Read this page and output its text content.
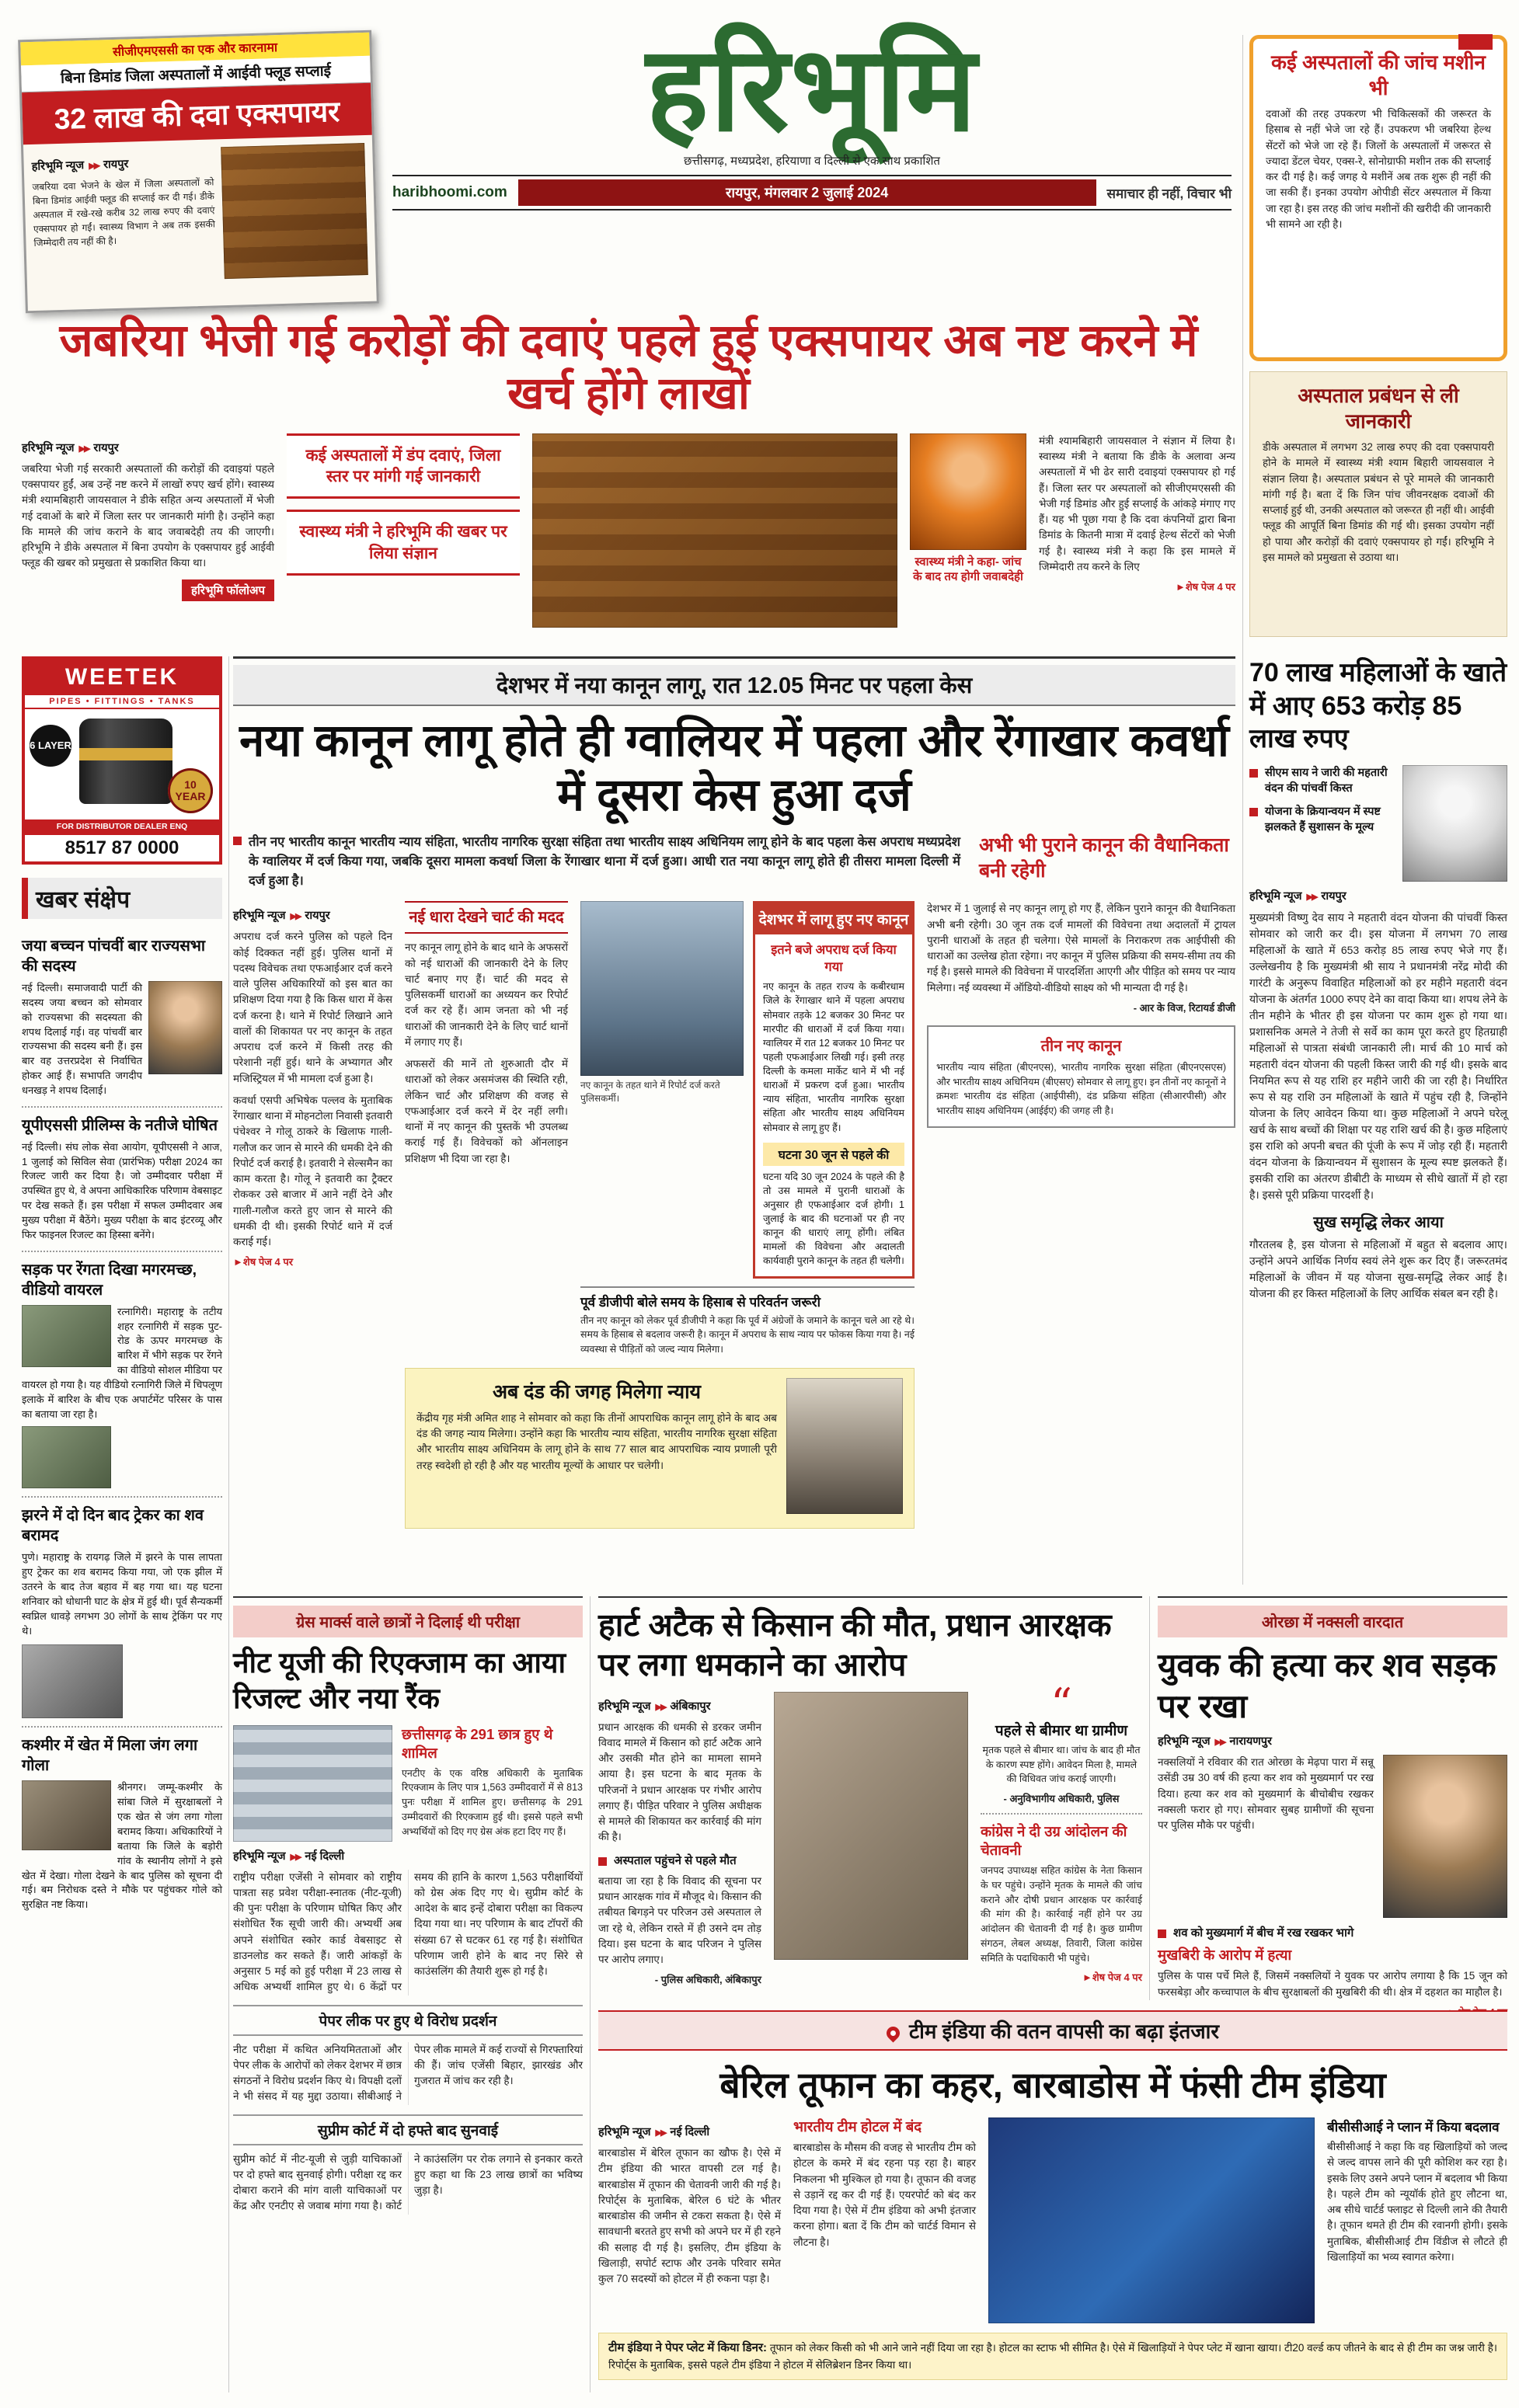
सीजीएमएससी का एक और कारनामा
बिना डिमांड जिला अस्पतालों में आईवी फ्लूड सप्लाई
32 लाख की दवा एक्सपायर
हरिभूमि न्यूज ▶▶ रायपुर

जबरिया दवा भेजने के खेल में जिला अस्पतालों को बिना डिमांड आईवी फ्लूड की सप्लाई कर दी गई। डीके अस्पताल में रखे-रखे करीब 32 लाख रुपए की दवाएं एक्सपायर हो गईं। स्वास्थ्य विभाग ने अब तक इसकी जिम्मेदारी तय नहीं की है।

हरिभूमि
छत्तीसगढ़, मध्यप्रदेश, हरियाणा व दिल्ली से एक साथ प्रकाशित
haribhoomi.com	रायपुर, मंगलवार 2 जुलाई 2024	समाचार ही नहीं, विचार भी
कई अस्पतालों की जांच मशीन भी

दवाओं की तरह उपकरण भी चिकित्सकों की जरूरत के हिसाब से नहीं भेजे जा रहे हैं। उपकरण भी जबरिया हेल्थ सेंटरों को भेजे जा रहे हैं। जिलों के अस्पतालों में जरूरत से ज्यादा डेंटल चेयर, एक्स-रे, सोनोग्राफी मशीन तक की सप्लाई कर दी गई है। कई जगह ये मशीनें अब तक शुरू ही नहीं की जा सकी हैं। इनका उपयोग ओपीडी सेंटर अस्पताल में किया जा रहा है। इस तरह की जांच मशीनों की खरीदी की जानकारी भी सामने आ रही है।

अस्पताल प्रबंधन से ली जानकारी

डीके अस्पताल में लगभग 32 लाख रुपए की दवा एक्सपायरी होने के मामले में स्वास्थ्य मंत्री श्याम बिहारी जायसवाल ने संज्ञान लिया है। अस्पताल प्रबंधन से पूरे मामले की जानकारी मांगी गई है। बता दें कि जिन पांच जीवनरक्षक दवाओं की सप्लाई हुई थी, उनकी अस्पताल को जरूरत ही नहीं थी। आईवी फ्लूड की आपूर्ति बिना डिमांड की गई थी। इसका उपयोग नहीं हो पाया और करोड़ों की दवाएं एक्सपायर हो गईं। हरिभूमि ने इस मामले को प्रमुखता से उठाया था।

जबरिया भेजी गई करोड़ों की दवाएं पहले हुई एक्सपायर अब नष्ट करने में खर्च होंगे लाखों
हरिभूमि न्यूज ▶▶ रायपुर

जबरिया भेजी गई सरकारी अस्पतालों की करोड़ों की दवाइयां पहले एक्सपायर हुईं, अब उन्हें नष्ट करने में लाखों रुपए खर्च होंगे। स्वास्थ्य मंत्री श्यामबिहारी जायसवाल ने डीके सहित अन्य अस्पतालों में भेजी गई दवाओं के बारे में जिला स्तर पर जानकारी मांगी है। उन्होंने कहा कि मामले की जांच कराने के बाद जवाबदेही तय की जाएगी। हरिभूमि ने डीके अस्पताल में बिना उपयोग के एक्सपायर हुई आईवी फ्लूड की खबर को प्रमुखता से प्रकाशित किया था।

हरिभूमि फॉलोअप
कई अस्पतालों में डंप दवाएं, जिला स्तर पर मांगी गई जानकारी
स्वास्थ्य मंत्री ने हरिभूमि की खबर पर लिया संज्ञान	स्वास्थ्य मंत्री ने कहा- जांच के बाद तय होगी जवाबदेही

मंत्री श्यामबिहारी जायसवाल ने संज्ञान में लिया है। स्वास्थ्य मंत्री ने बताया कि डीके के अलावा अन्य अस्पतालों में भी ढेर सारी दवाइयां एक्सपायर हो गई हैं। जिला स्तर पर अस्पतालों को सीजीएमएससी की भेजी गई डिमांड और हुई सप्लाई के आंकड़े मंगाए गए हैं। यह भी पूछा गया है कि दवा कंपनियों द्वारा बिना डिमांड के कितनी मात्रा में दवाई हेल्थ सेंटरों को भेजी गई है। स्वास्थ्य मंत्री ने कहा कि इस मामले में जिम्मेदारी तय करने के लिए

►शेष पेज 4 पर
WEETEK
PIPES • FITTINGS • TANKS
6 LAYER
10 YEAR
FOR DISTRIBUTOR DEALER ENQ
8517 87 0000
देशभर में नया कानून लागू, रात 12.05 मिनट पर पहला केस
नया कानून लागू होते ही ग्वालियर में पहला और रेंगाखार कवर्धा में दूसरा केस हुआ दर्ज
तीन नए भारतीय कानून भारतीय न्याय संहिता, भारतीय नागरिक सुरक्षा संहिता तथा भारतीय साक्ष्य अधिनियम लागू होने के बाद पहला केस अपराध मध्यप्रदेश के ग्वालियर में दर्ज किया गया, जबकि दूसरा मामला कवर्धा जिला के रेंगाखार थाना में दर्ज हुआ। आधी रात नया कानून लागू होते ही तीसरा मामला दिल्ली में दर्ज हुआ है।
अभी भी पुराने कानून की वैधानिकता बनी रहेगी
हरिभूमि न्यूज ▶▶ रायपुर

अपराध दर्ज करने पुलिस को पहले दिन कोई दिक्कत नहीं हुई। पुलिस थानों में पदस्थ विवेचक तथा एफआईआर दर्ज करने वाले पुलिस अधिकारियों को इस बात का प्रशिक्षण दिया गया है कि किस धारा में केस दर्ज करना है। थाने में रिपोर्ट लिखाने आने वालों की शिकायत पर नए कानून के तहत अपराध दर्ज करने में किसी तरह की परेशानी नहीं हुई। थाने के अभ्यागत और मजिस्ट्रियल में भी मामला दर्ज हुआ है।

कवर्धा एसपी अभिषेक पल्लव के मुताबिक रेंगाखार थाना में मोहनटोला निवासी इतवारी पंचेश्वर ने गोलू ठाकरे के खिलाफ गाली-गलौज कर जान से मारने की धमकी देने की रिपोर्ट दर्ज कराई है। इतवारी ने सेल्समैन का काम करता है। गोलू ने इतवारी का ट्रैक्टर रोककर उसे बाजार में आने नहीं देने और गाली-गलौज करते हुए जान से मारने की धमकी दी थी। इसकी रिपोर्ट थाने में दर्ज कराई गई।

►शेष पेज 4 पर
नई धारा देखने चार्ट की मदद

नए कानून लागू होने के बाद थाने के अफसरों को नई धाराओं की जानकारी देने के लिए चार्ट बनाए गए हैं। चार्ट की मदद से पुलिसकर्मी धाराओं का अध्ययन कर रिपोर्ट दर्ज कर रहे हैं। आम जनता को भी नई धाराओं की जानकारी देने के लिए चार्ट थानों में लगाए गए हैं।

अफसरों की मानें तो शुरुआती दौर में धाराओं को लेकर असमंजस की स्थिति रही, लेकिन चार्ट और प्रशिक्षण की वजह से एफआईआर दर्ज करने में देर नहीं लगी। थानों में नए कानून की पुस्तकें भी उपलब्ध कराई गई हैं। विवेचकों को ऑनलाइन प्रशिक्षण भी दिया जा रहा है।

नए कानून के तहत थाने में रिपोर्ट दर्ज करते पुलिसकर्मी।
देशभर में लागू हुए नए कानून
इतने बजे अपराध दर्ज किया गया

नए कानून के तहत राज्य के कबीरधाम जिले के रेंगाखार थाने में पहला अपराध सोमवार तड़के 12 बजकर 30 मिनट पर मारपीट की धाराओं में दर्ज किया गया। ग्वालियर में रात 12 बजकर 10 मिनट पर पहली एफआईआर लिखी गई। इसी तरह दिल्ली के कमला मार्केट थाने में भी नई धाराओं में प्रकरण दर्ज हुआ। भारतीय न्याय संहिता, भारतीय नागरिक सुरक्षा संहिता और भारतीय साक्ष्य अधिनियम सोमवार से लागू हुए हैं।

घटना 30 जून से पहले की

घटना यदि 30 जून 2024 के पहले की है तो उस मामले में पुरानी धाराओं के अनुसार ही एफआईआर दर्ज होगी। 1 जुलाई के बाद की घटनाओं पर ही नए कानून की धाराएं लागू होंगी। लंबित मामलों की विवेचना और अदालती कार्यवाही पुराने कानून के तहत ही चलेगी।

पूर्व डीजीपी बोले समय के हिसाब से परिवर्तन जरूरी

तीन नए कानून को लेकर पूर्व डीजीपी ने कहा कि पूर्व में अंग्रेजों के जमाने के कानून चले आ रहे थे। समय के हिसाब से बदलाव जरूरी है। कानून में अपराध के साथ न्याय पर फोकस किया गया है। नई व्यवस्था से पीड़ितों को जल्द न्याय मिलेगा।

देशभर में 1 जुलाई से नए कानून लागू हो गए हैं, लेकिन पुराने कानून की वैधानिकता अभी बनी रहेगी। 30 जून तक दर्ज मामलों की विवेचना तथा अदालतों में ट्रायल पुरानी धाराओं के तहत ही चलेगा। ऐसे मामलों के निराकरण तक आईपीसी की धाराओं का उल्लेख होता रहेगा। नए कानून में पुलिस प्रक्रिया की समय-सीमा तय की गई है। इससे मामले की विवेचना में पारदर्शिता आएगी और पीड़ित को समय पर न्याय मिलेगा। नई व्यवस्था में ऑडियो-वीडियो साक्ष्य को भी मान्यता दी गई है।

- आर के विज, रिटायर्ड डीजी
तीन नए कानून

भारतीय न्याय संहिता (बीएनएस), भारतीय नागरिक सुरक्षा संहिता (बीएनएसएस) और भारतीय साक्ष्य अधिनियम (बीएसए) सोमवार से लागू हुए। इन तीनों नए कानूनों ने क्रमशः भारतीय दंड संहिता (आईपीसी), दंड प्रक्रिया संहिता (सीआरपीसी) और भारतीय साक्ष्य अधिनियम (आईईए) की जगह ली है।

अब दंड की जगह मिलेगा न्याय

केंद्रीय गृह मंत्री अमित शाह ने सोमवार को कहा कि तीनों आपराधिक कानून लागू होने के बाद अब दंड की जगह न्याय मिलेगा। उन्होंने कहा कि भारतीय न्याय संहिता, भारतीय नागरिक सुरक्षा संहिता और भारतीय साक्ष्य अधिनियम के लागू होने के साथ 77 साल बाद आपराधिक न्याय प्रणाली पूरी तरह स्वदेशी हो रही है और यह भारतीय मूल्यों के आधार पर चलेगी।

70 लाख महिलाओं के खाते में आए 653 करोड़ 85 लाख रुपए
सीएम साय ने जारी की महतारी वंदन की पांचवीं किस्त
योजना के क्रियान्वयन में स्पष्ट झलकते हैं सुशासन के मूल्य
हरिभूमि न्यूज ▶▶ रायपुर

मुख्यमंत्री विष्णु देव साय ने महतारी वंदन योजना की पांचवीं किस्त सोमवार को जारी कर दी। इस योजना में लगभग 70 लाख महिलाओं के खाते में 653 करोड़ 85 लाख रुपए भेजे गए हैं। उल्लेखनीय है कि मुख्यमंत्री श्री साय ने प्रधानमंत्री नरेंद्र मोदी की गारंटी के अनुरूप विवाहित महिलाओं को हर महीने महतारी वंदन योजना के अंतर्गत 1000 रुपए देने का वादा किया था। शपथ लेने के तीन महीने के भीतर ही इस योजना पर काम शुरू हो गया था। प्रशासनिक अमले ने तेजी से सर्वे का काम पूरा करते हुए हितग्राही महिलाओं से पात्रता संबंधी जानकारी ली। मार्च की 10 मार्च को महतारी वंदन योजना की पहली किस्त जारी की गई थी। इसके बाद नियमित रूप से यह राशि हर महीने जारी की जा रही है। निर्धारित रूप से यह राशि उन महिलाओं के खाते में पहुंच रही है, जिन्होंने योजना के लिए आवेदन किया था। कुछ महिलाओं ने अपने घरेलू खर्च के साथ बच्चों की शिक्षा पर यह राशि खर्च की है। कुछ महिलाएं इस राशि को अपनी बचत की पूंजी के रूप में जोड़ रही हैं। महतारी वंदन योजना के क्रियान्वयन में सुशासन के मूल्य स्पष्ट झलकते हैं। इसकी राशि का अंतरण डीबीटी के माध्यम से सीधे खातों में हो रहा है। इससे पूरी प्रक्रिया पारदर्शी है।

सुख समृद्धि लेकर आया

गौरतलब है, इस योजना से महिलाओं में बहुत से बदलाव आए। उन्होंने अपने आर्थिक निर्णय स्वयं लेने शुरू कर दिए हैं। जरूरतमंद महिलाओं के जीवन में यह योजना सुख-समृद्धि लेकर आई है। योजना की हर किस्त महिलाओं के लिए आर्थिक संबल बन रही है।

खबर संक्षेप
जया बच्चन पांचवीं बार राज्यसभा की सदस्य

नई दिल्ली। समाजवादी पार्टी की सदस्य जया बच्चन को सोमवार को राज्यसभा की सदस्यता की शपथ दिलाई गई। वह पांचवीं बार राज्यसभा की सदस्य बनी हैं। इस बार वह उत्तरप्रदेश से निर्वाचित होकर आई हैं। सभापति जगदीप धनखड़ ने शपथ दिलाई।

यूपीएससी प्रीलिम्स के नतीजे घोषित

नई दिल्ली। संघ लोक सेवा आयोग, यूपीएससी ने आज, 1 जुलाई को सिविल सेवा (प्रारंभिक) परीक्षा 2024 का रिजल्ट जारी कर दिया है। जो उम्मीदवार परीक्षा में उपस्थित हुए थे, वे अपना आधिकारिक परिणाम वेबसाइट पर देख सकते हैं। इस परीक्षा में सफल उम्मीदवार अब मुख्य परीक्षा में बैठेंगे। मुख्य परीक्षा के बाद इंटरव्यू और फिर फाइनल रिजल्ट का हिस्सा बनेंगे।

सड़क पर रेंगता दिखा मगरमच्छ, वीडियो वायरल

रत्नागिरी। महाराष्ट्र के तटीय शहर रत्नागिरी में सड़क पुट-रोड के ऊपर मगरमच्छ के बारिश में भीगे सड़क पर रेंगने का वीडियो सोशल मीडिया पर वायरल हो गया है। यह वीडियो रत्नागिरी जिले में चिपलूण इलाके में बारिश के बीच एक अपार्टमेंट परिसर के पास का बताया जा रहा है।

झरने में दो दिन बाद ट्रेकर का शव बरामद

पुणे। महाराष्ट्र के रायगढ़ जिले में झरने के पास लापता हुए ट्रेकर का शव बरामद किया गया, जो एक झील में उतरने के बाद तेज बहाव में बह गया था। यह घटना शनिवार को धोधानी घाट के क्षेत्र में हुई थी। पूर्व सैन्यकर्मी स्वप्निल धावड़े लगभग 30 लोगों के साथ ट्रेकिंग पर गए थे।

कश्मीर में खेत में मिला जंग लगा गोला

श्रीनगर। जम्मू-कश्मीर के सांबा जिले में सुरक्षाबलों ने एक खेत से जंग लगा गोला बरामद किया। अधिकारियों ने बताया कि जिले के बड़ोरी गांव के स्थानीय लोगों ने इसे खेत में देखा। गोला देखने के बाद पुलिस को सूचना दी गई। बम निरोधक दस्ते ने मौके पर पहुंचकर गोले को सुरक्षित नष्ट किया।

ग्रेस मार्क्स वाले छात्रों ने दिलाई थी परीक्षा
नीट यूजी की रिएक्जाम का आया रिजल्ट और नया रैंक
छत्तीसगढ़ के 291 छात्र हुए थे शामिल

एनटीए के एक वरिष्ठ अधिकारी के मुताबिक रिएक्जाम के लिए पात्र 1,563 उम्मीदवारों में से 813 पुनः परीक्षा में शामिल हुए। छत्तीसगढ़ के 291 उम्मीदवारों की रिएक्जाम हुई थी। इससे पहले सभी अभ्यर्थियों को दिए गए ग्रेस अंक हटा दिए गए हैं।

हरिभूमि न्यूज ▶▶ नई दिल्ली

राष्ट्रीय परीक्षा एजेंसी ने सोमवार को राष्ट्रीय पात्रता सह प्रवेश परीक्षा-स्नातक (नीट-यूजी) की पुनः परीक्षा के परिणाम घोषित किए और संशोधित रैंक सूची जारी की। अभ्यर्थी अब अपने संशोधित स्कोर कार्ड वेबसाइट से डाउनलोड कर सकते हैं। जारी आंकड़ों के अनुसार 5 मई को हुई परीक्षा में 23 लाख से अधिक अभ्यर्थी शामिल हुए थे। 6 केंद्रों पर समय की हानि के कारण 1,563 परीक्षार्थियों को ग्रेस अंक दिए गए थे। सुप्रीम कोर्ट के आदेश के बाद इन्हें दोबारा परीक्षा का विकल्प दिया गया था। नए परिणाम के बाद टॉपरों की संख्या 67 से घटकर 61 रह गई है। संशोधित परिणाम जारी होने के बाद नए सिरे से काउंसलिंग की तैयारी शुरू हो गई है।

पेपर लीक पर हुए थे विरोध प्रदर्शन

नीट परीक्षा में कथित अनियमितताओं और पेपर लीक के आरोपों को लेकर देशभर में छात्र संगठनों ने विरोध प्रदर्शन किए थे। विपक्षी दलों ने भी संसद में यह मुद्दा उठाया। सीबीआई ने पेपर लीक मामले में कई राज्यों से गिरफ्तारियां की हैं। जांच एजेंसी बिहार, झारखंड और गुजरात में जांच कर रही है।

सुप्रीम कोर्ट में दो हफ्ते बाद सुनवाई

सुप्रीम कोर्ट में नीट-यूजी से जुड़ी याचिकाओं पर दो हफ्ते बाद सुनवाई होगी। परीक्षा रद्द कर दोबारा कराने की मांग वाली याचिकाओं पर केंद्र और एनटीए से जवाब मांगा गया है। कोर्ट ने काउंसलिंग पर रोक लगाने से इनकार करते हुए कहा था कि 23 लाख छात्रों का भविष्य जुड़ा है।

हार्ट अटैक से किसान की मौत, प्रधान आरक्षक पर लगा धमकाने का आरोप
हरिभूमि न्यूज ▶▶ अंबिकापुर

प्रधान आरक्षक की धमकी से डरकर जमीन विवाद मामले में किसान को हार्ट अटैक आने और उसकी मौत होने का मामला सामने आया है। इस घटना के बाद मृतक के परिजनों ने प्रधान आरक्षक पर गंभीर आरोप लगाए हैं। पीड़ित परिवार ने पुलिस अधीक्षक से मामले की शिकायत कर कार्रवाई की मांग की है।

अस्पताल पहुंचने से पहले मौत

बताया जा रहा है कि विवाद की सूचना पर प्रधान आरक्षक गांव में मौजूद थे। किसान की तबीयत बिगड़ने पर परिजन उसे अस्पताल ले जा रहे थे, लेकिन रास्ते में ही उसने दम तोड़ दिया। इस घटना के बाद परिजन ने पुलिस पर आरोप लगाए।

- पुलिस अधिकारी, अंबिकापुर
“
पहले से बीमार था ग्रामीण

मृतक पहले से बीमार था। जांच के बाद ही मौत के कारण स्पष्ट होंगे। आवेदन मिला है, मामले की विधिवत जांच कराई जाएगी।

- अनुविभागीय अधिकारी, पुलिस
कांग्रेस ने दी उग्र आंदोलन की चेतावनी

जनपद उपाध्यक्ष सहित कांग्रेस के नेता किसान के घर पहुंचे। उन्होंने मृतक के मामले की जांच कराने और दोषी प्रधान आरक्षक पर कार्रवाई की मांग की है। कार्रवाई नहीं होने पर उग्र आंदोलन की चेतावनी दी गई है। कुछ ग्रामीण संगठन, लेबल अध्यक्ष, तिवारी, जिला कांग्रेस समिति के पदाधिकारी भी पहुंचे।

►शेष पेज 4 पर
ओरछा में नक्सली वारदात
युवक की हत्या कर शव सड़क पर रखा
हरिभूमि न्यूज ▶▶ नारायणपुर

नक्सलियों ने रविवार की रात ओरछा के मेढ़पा पारा में सन्नू उसेंडी उम्र 30 वर्ष की हत्या कर शव को मुख्यमार्ग पर रख दिया। हत्या कर शव को मुख्यमार्ग के बीचोबीच रखकर नक्सली फरार हो गए। सोमवार सुबह ग्रामीणों की सूचना पर पुलिस मौके पर पहुंची।

शव को मुख्यमार्ग में बीच में रख रखकर भागे
मुखबिरी के आरोप में हत्या

पुलिस के पास पर्चे मिले हैं, जिसमें नक्सलियों ने युवक पर आरोप लगाया है कि 15 जून को फरसबेड़ा और कच्चापाल के बीच सुरक्षाबलों की मुखबिरी की थी। क्षेत्र में दहशत का माहौल है।

टीम इंडिया की वतन वापसी का बढ़ा इंतजार
बेरिल तूफान का कहर, बारबाडोस में फंसी टीम इंडिया
हरिभूमि न्यूज ▶▶ नई दिल्ली

बारबाडोस में बेरिल तूफान का खौफ है। ऐसे में टीम इंडिया की भारत वापसी टल गई है। बारबाडोस में तूफान की चेतावनी जारी की गई है। रिपोर्ट्स के मुताबिक, बेरिल 6 घंटे के भीतर बारबाडोस की जमीन से टकरा सकता है। ऐसे में सावधानी बरतते हुए सभी को अपने घर में ही रहने की सलाह दी गई है। इसलिए, टीम इंडिया के खिलाड़ी, सपोर्ट स्टाफ और उनके परिवार समेत कुल 70 सदस्यों को होटल में ही रुकना पड़ा है।

भारतीय टीम होटल में बंद

बारबाडोस के मौसम की वजह से भारतीय टीम को होटल के कमरे में बंद रहना पड़ रहा है। बाहर निकलना भी मुश्किल हो गया है। तूफान की वजह से उड़ानें रद्द कर दी गई हैं। एयरपोर्ट को बंद कर दिया गया है। ऐसे में टीम इंडिया को अभी इंतजार करना होगा। बता दें कि टीम को चार्टर्ड विमान से लौटना है।

बीसीसीआई ने प्लान में किया बदलाव

बीसीसीआई ने कहा कि वह खिलाड़ियों को जल्द से जल्द वापस लाने की पूरी कोशिश कर रहा है। इसके लिए उसने अपने प्लान में बदलाव भी किया है। पहले टीम को न्यूयॉर्क होते हुए लौटना था, अब सीधे चार्टर्ड फ्लाइट से दिल्ली लाने की तैयारी है। तूफान थमते ही टीम की रवानगी होगी। इसके मुताबिक, बीसीसीआई टीम विंडीज से लौटते ही खिलाड़ियों का भव्य स्वागत करेगा।

टीम इंडिया ने पेपर प्लेट में किया डिनर: तूफान को लेकर किसी को भी आने जाने नहीं दिया जा रहा है। होटल का स्टाफ भी सीमित है। ऐसे में खिलाड़ियों ने पेपर प्लेट में खाना खाया। टी20 वर्ल्ड कप जीतने के बाद से ही टीम का जश्न जारी है। रिपोर्ट्स के मुताबिक, इससे पहले टीम इंडिया ने होटल में सेलिब्रेशन डिनर किया था।
